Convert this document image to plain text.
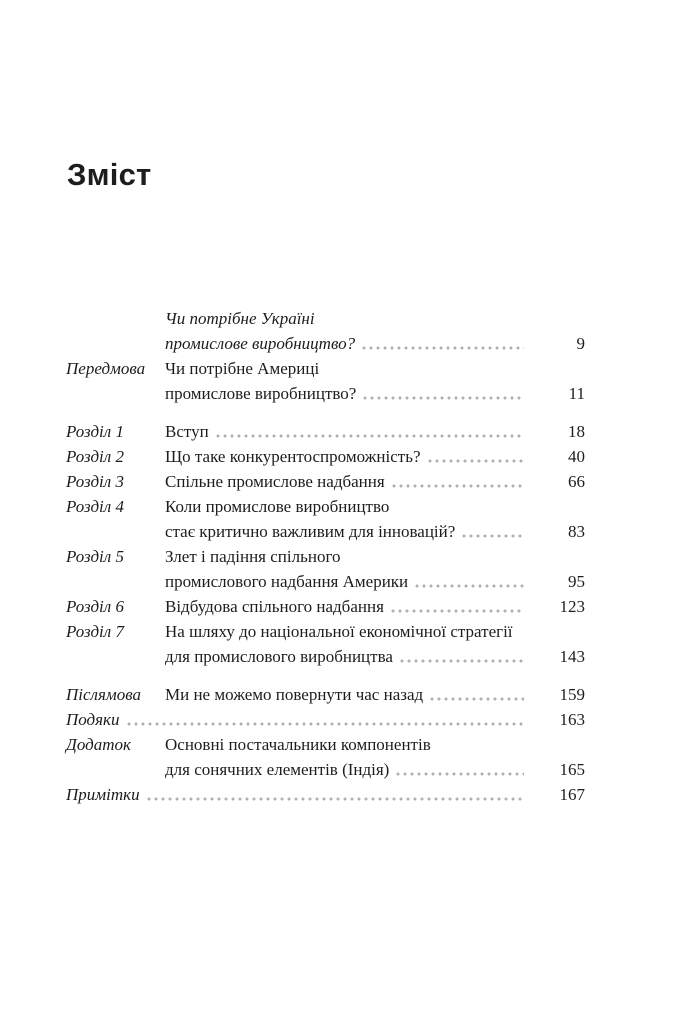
Зміст
Чи потрібне Україні
промислове виробництво?	9
Передмова	Чи потрібне Америці
промислове виробництво?	11
Розділ 1	Вступ	18
Розділ 2	Що таке конкурентоспроможність?	40
Розділ 3	Спільне промислове надбання	66
Розділ 4	Коли промислове виробництво
стає критично важливим для інновацій?	83
Розділ 5	Злет і падіння спільного
промислового надбання Америки	95
Розділ 6	Відбудова спільного надбання	123
Розділ 7	На шляху до національної економічної стратегії
для промислового виробництва	143
Післямова	Ми не можемо повернути час назад	159
Подяки	163
Додаток	Основні постачальники компонентів
для сонячних елементів (Індія)	165
Примітки	167
